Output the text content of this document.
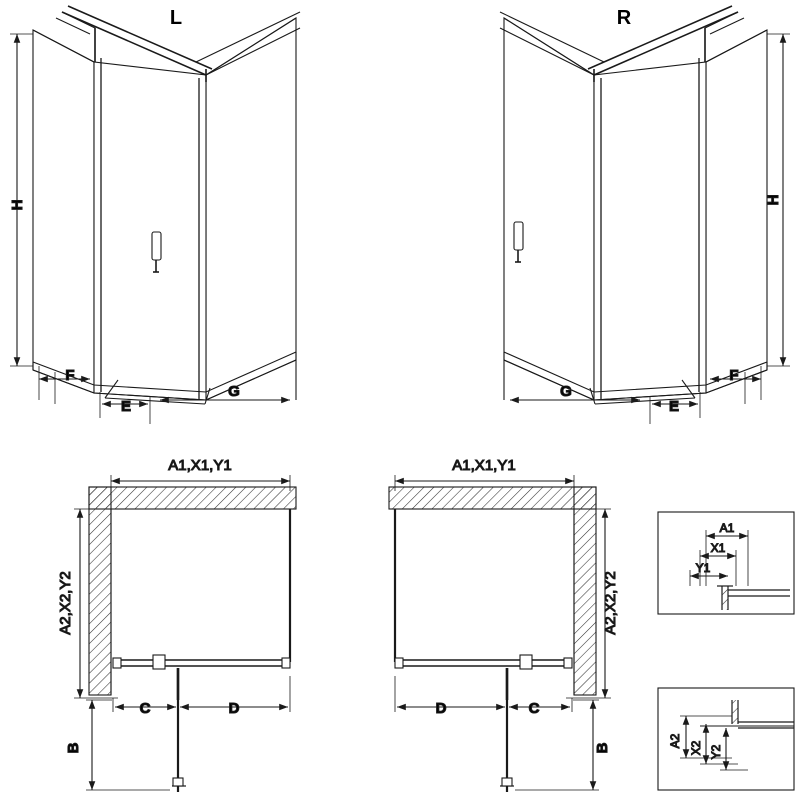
H
F
E
G
H
F
E
G
A1,X1,Y1
A2,X2,Y2
C	D
B
A1,X1,Y1
A2,X2,Y2
D	C
B
A1
X1
Y1
A2 X2 Y2
L	R
